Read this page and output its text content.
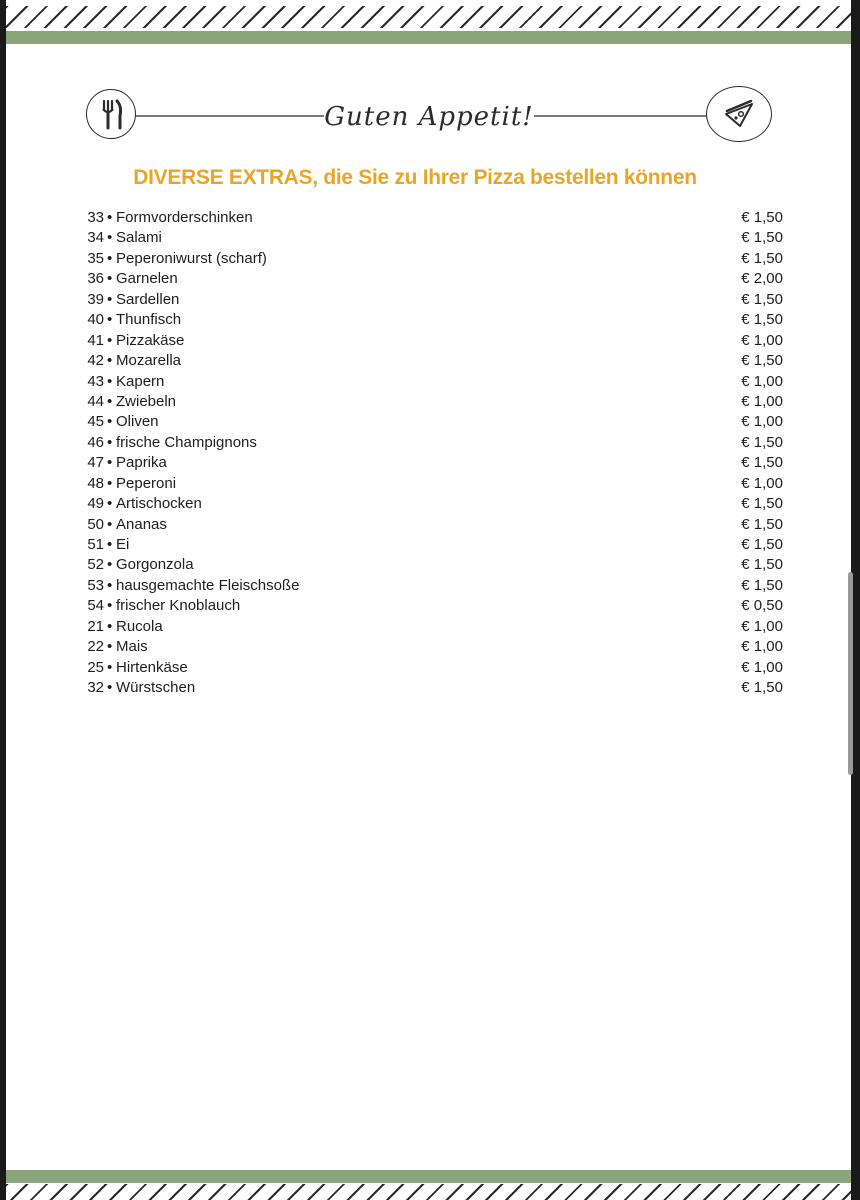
Guten Appetit!
DIVERSE EXTRAS, die Sie zu Ihrer Pizza bestellen können
33 • Formvorderschinken	€ 1,50
34 • Salami	€ 1,50
35 • Peperoniwurst (scharf)	€ 1,50
36 • Garnelen	€ 2,00
39 • Sardellen	€ 1,50
40 • Thunfisch	€ 1,50
41 • Pizzakäse	€ 1,00
42 • Mozarella	€ 1,50
43 • Kapern	€ 1,00
44 • Zwiebeln	€ 1,00
45 • Oliven	€ 1,00
46 • frische Champignons	€ 1,50
47 • Paprika	€ 1,50
48 • Peperoni	€ 1,00
49 • Artischocken	€ 1,50
50 • Ananas	€ 1,50
51 • Ei	€ 1,50
52 • Gorgonzola	€ 1,50
53 • hausgemachte Fleischsoße	€ 1,50
54 • frischer Knoblauch	€ 0,50
21 • Rucola	€ 1,00
22 • Mais	€ 1,00
25 • Hirtenkäse	€ 1,00
32 • Würstschen	€ 1,50
